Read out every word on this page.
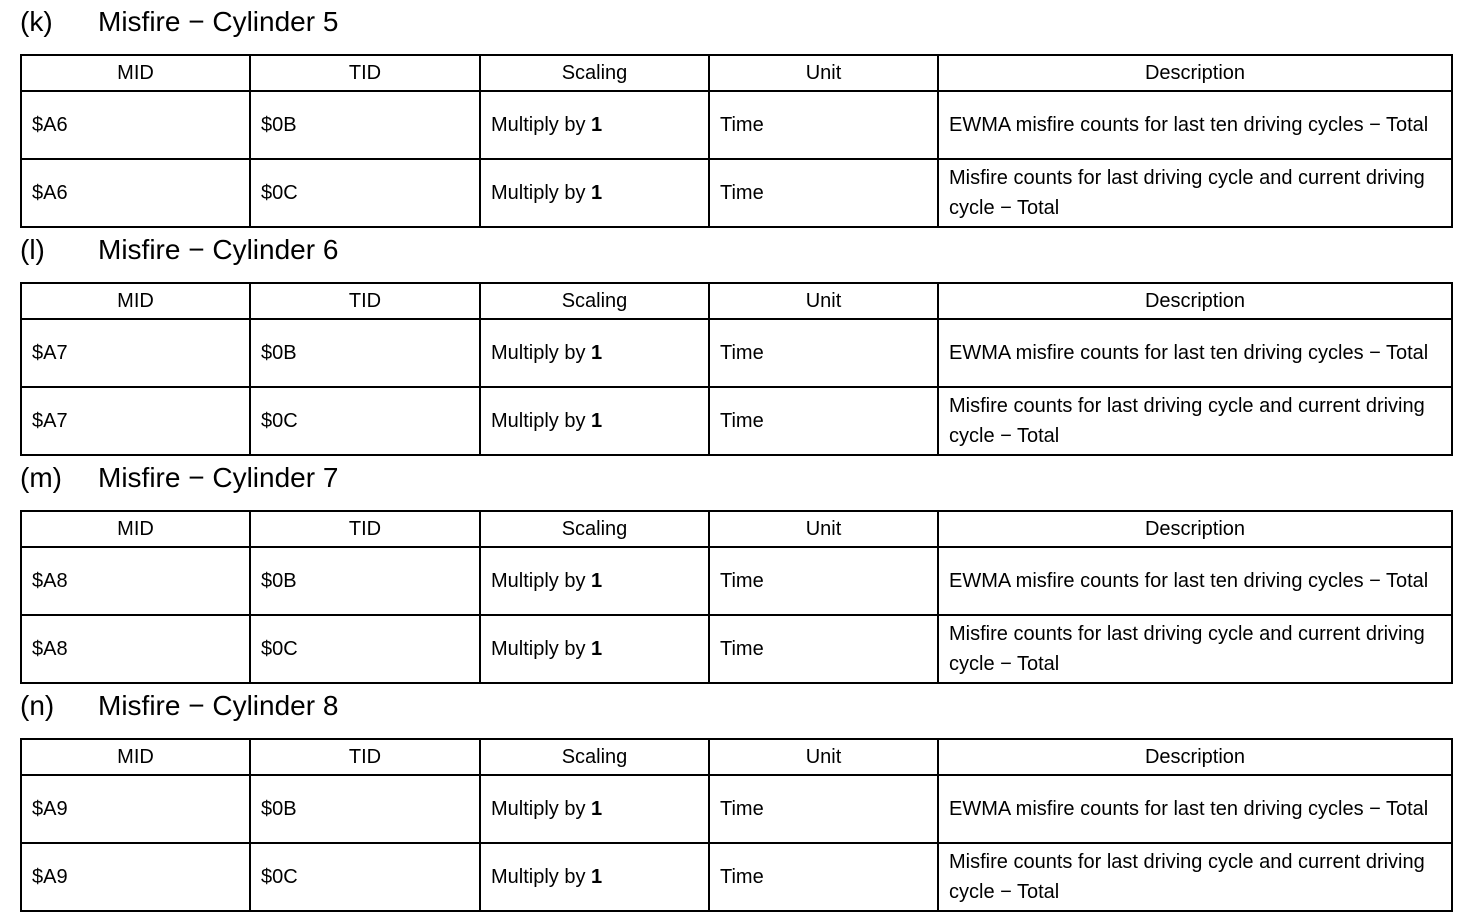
(k) Misfire − Cylinder 5
MID	TID	Scaling	Unit	Description
$A6	$0B	Multiply by 1	Time	EWMA misfire counts for last ten driving cycles − Total
$A6	$0C	Multiply by 1	Time	Misfire counts for last driving cycle and current driving cycle − Total
(l) Misfire − Cylinder 6
MID	TID	Scaling	Unit	Description
$A7	$0B	Multiply by 1	Time	EWMA misfire counts for last ten driving cycles − Total
$A7	$0C	Multiply by 1	Time	Misfire counts for last driving cycle and current driving cycle − Total
(m) Misfire − Cylinder 7
MID	TID	Scaling	Unit	Description
$A8	$0B	Multiply by 1	Time	EWMA misfire counts for last ten driving cycles − Total
$A8	$0C	Multiply by 1	Time	Misfire counts for last driving cycle and current driving cycle − Total
(n) Misfire − Cylinder 8
MID	TID	Scaling	Unit	Description
$A9	$0B	Multiply by 1	Time	EWMA misfire counts for last ten driving cycles − Total
$A9	$0C	Multiply by 1	Time	Misfire counts for last driving cycle and current driving cycle − Total
